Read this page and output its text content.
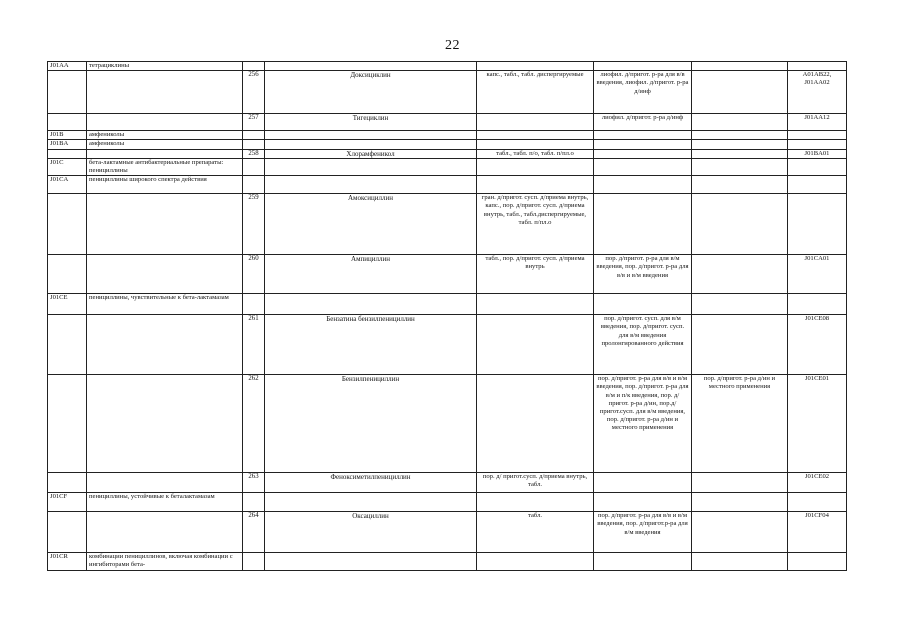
22
J01AA	тетрациклины						
		256	Доксициклин	капс., табл., табл. диспергируемые	лиофил. д/пригот. р-ра для в/в введения, лиофил. д/пригот. р-ра д/инф		A01AB22, J01AA02
		257	Тигециклин		лиофил. д/пригот. р-ра д/инф		J01AA12
J01B	амфениколы						
J01BA	амфениколы						
		258	Хлорамфеникол	табл., табл. п/о, табл. п/пл.о			J01BA01
J01C	бета-лактамные антибактериальные препараты: пенициллины						
J01CA	пенициллины широкого спектра действия						
		259	Амоксициллин	гран. д/пригот. сусп. д/приема внутрь, капс., пор. д/пригот. сусп. д/приема внутрь, табл., табл.диспергируемые, табл. п/пл.о			
		260	Ампициллин	табл., пор. д/пригот. сусп. д/приема внутрь	пор. д/пригот. р-ра для в/м введения, пор. д/пригот. р-ра для в/в и в/м введения		J01CA01
J01CE	пенициллины, чувствительные к бета-лактамазам						
		261	Бензатина бензилпенициллин		пор. д/пригот. сусп. для в/м введения, пор. д/пригот. сусп. для в/м введения пролонгированного действия		J01CE08
		262	Бензилпенициллин		пор. д/пригот. р-ра для в/в и в/м введения, пор. д/пригот. р-ра для в/м и п/к введения, пор. д/пригот. р-ра д/ин, пор.д/пригот.сусп. для в/м введения, пор. д/пригот. р-ра д/ин и местного применения	пор. д/пригот. р-ра д/ин и местного применения	J01CE01
		263	Феноксиметилпенициллин	пор. д/ пригот.сусп. д/приема внутрь, табл.			J01CE02
J01CF	пенициллины, устойчивые к беталактамазам						
		264	Оксациллин	табл.	пор. д/пригот. р-ра для в/в и в/м введения, пор. д/пригот.р-ра для в/м введения		J01CF04
J01CR	комбинации пенициллинов, включая комбинации с ингибиторами бета-						
